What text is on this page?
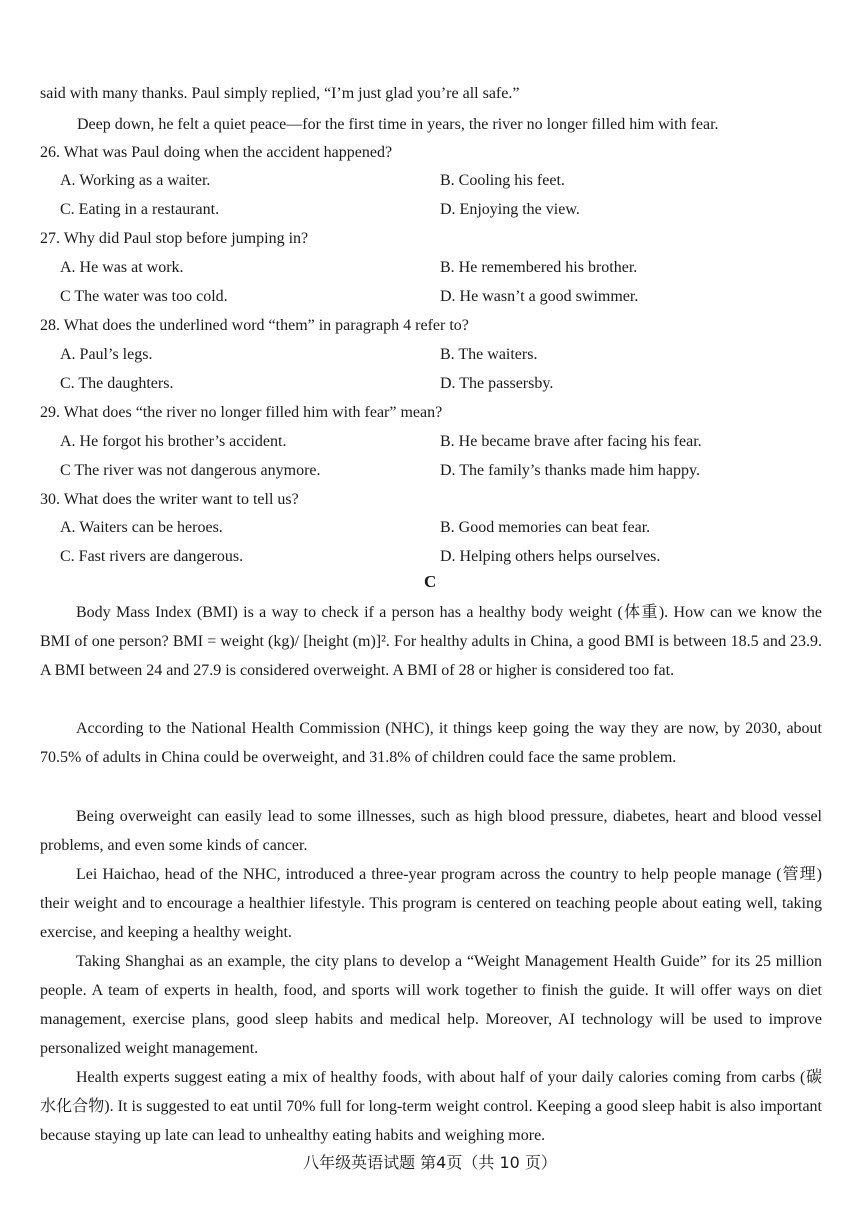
said with many thanks. Paul simply replied, “I’m just glad you’re all safe.”
Deep down, he felt a quiet peace—for the first time in years, the river no longer filled him with fear.
26. What was Paul doing when the accident happened?
A. Working as a waiter.	B. Cooling his feet.
C. Eating in a restaurant.	D. Enjoying the view.
27. Why did Paul stop before jumping in?
A. He was at work.	B. He remembered his brother.
C The water was too cold.	D. He wasn’t a good swimmer.
28. What does the underlined word “them” in paragraph 4 refer to?
A. Paul’s legs.	B. The waiters.
C. The daughters.	D. The passersby.
29. What does “the river no longer filled him with fear” mean?
A. He forgot his brother’s accident.	B. He became brave after facing his fear.
C The river was not dangerous anymore.	D. The family’s thanks made him happy.
30. What does the writer want to tell us?
A. Waiters can be heroes.	B. Good memories can beat fear.
C. Fast rivers are dangerous.	D. Helping others helps ourselves.
C
Body Mass Index (BMI) is a way to check if a person has a healthy body weight (体重). How can we know the BMI of one person? BMI = weight (kg)/ [height (m)]². For healthy adults in China, a good BMI is between 18.5 and 23.9. A BMI between 24 and 27.9 is considered overweight. A BMI of 28 or higher is considered too fat.
According to the National Health Commission (NHC), it things keep going the way they are now, by 2030, about 70.5% of adults in China could be overweight, and 31.8% of children could face the same problem.
Being overweight can easily lead to some illnesses, such as high blood pressure, diabetes, heart and blood vessel problems, and even some kinds of cancer.
Lei Haichao, head of the NHC, introduced a three-year program across the country to help people manage (管理) their weight and to encourage a healthier lifestyle. This program is centered on teaching people about eating well, taking exercise, and keeping a healthy weight.
Taking Shanghai as an example, the city plans to develop a “Weight Management Health Guide” for its 25 million people. A team of experts in health, food, and sports will work together to finish the guide. It will offer ways on diet management, exercise plans, good sleep habits and medical help. Moreover, AI technology will be used to improve personalized weight management.
Health experts suggest eating a mix of healthy foods, with about half of your daily calories coming from carbs (碳水化合物). It is suggested to eat until 70% full for long-term weight control. Keeping a good sleep habit is also important because staying up late can lead to unhealthy eating habits and weighing more.
八年级英语试题 第4页（共 10 页）
